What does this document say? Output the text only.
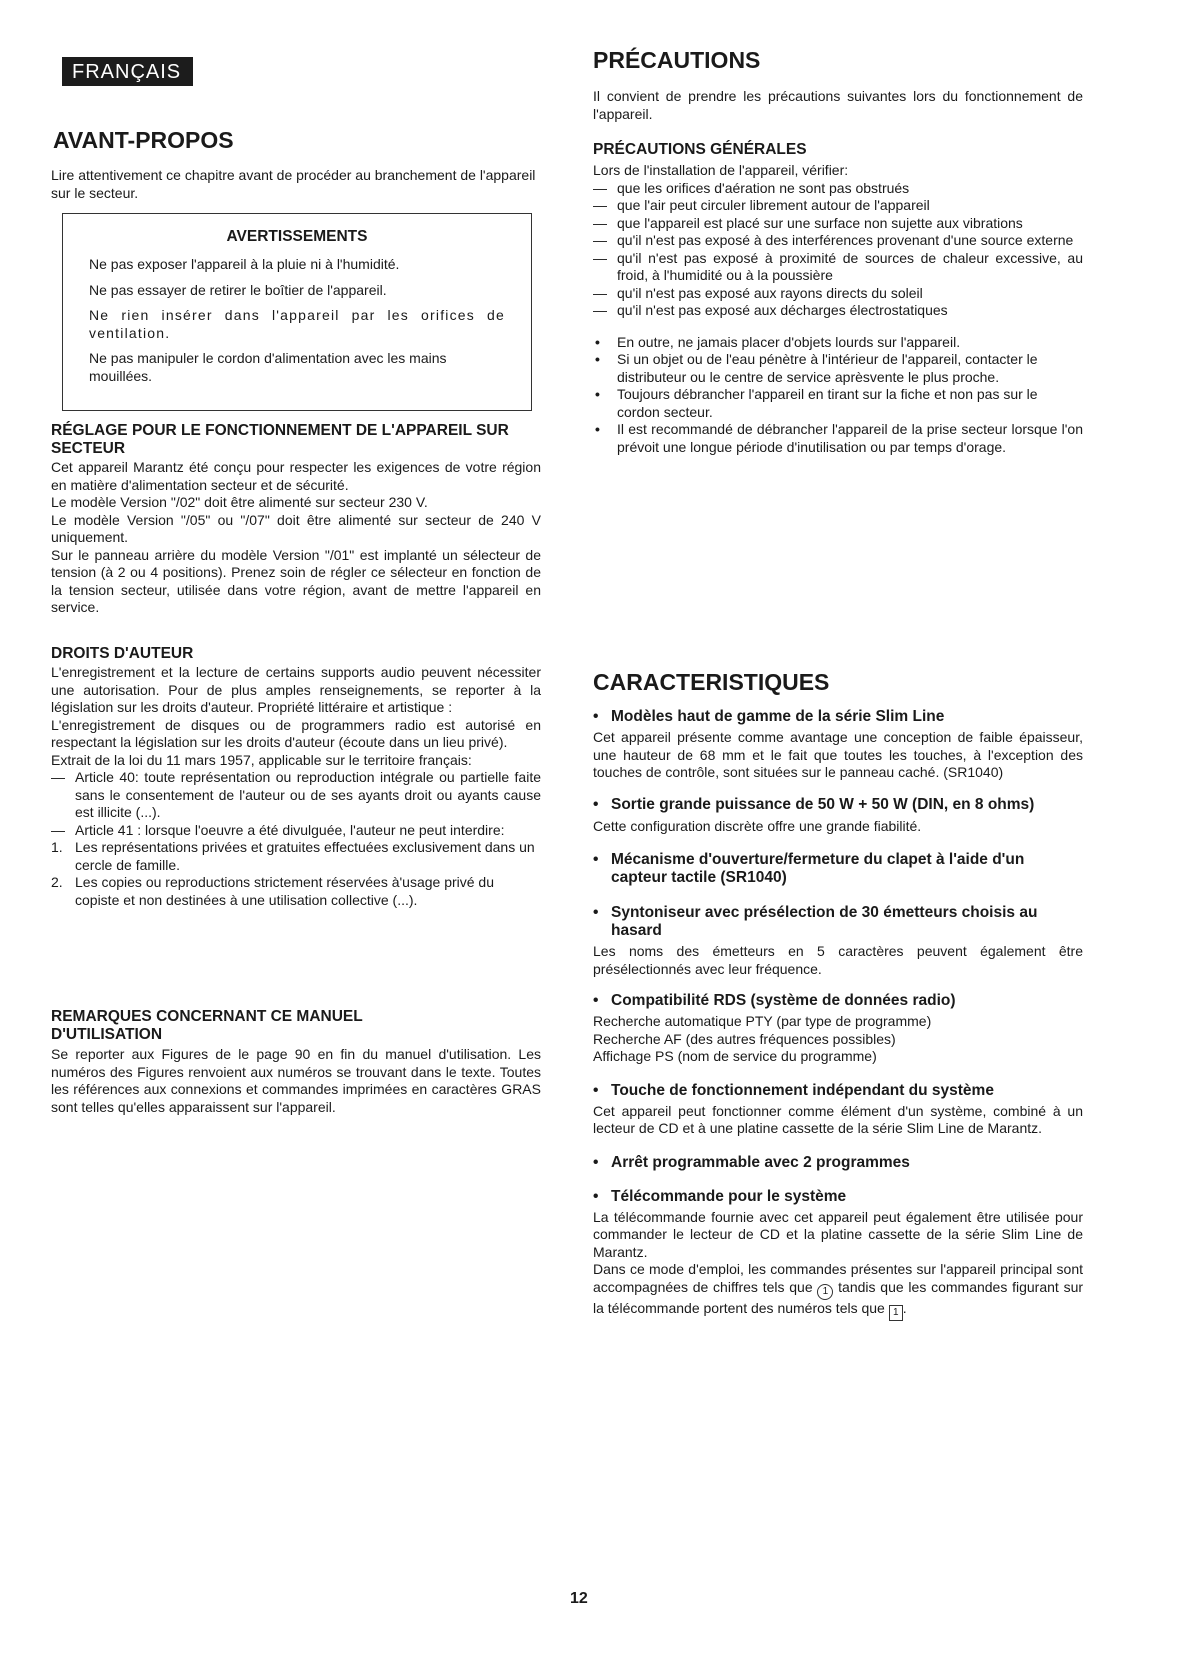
FRANÇAIS
AVANT-PROPOS

Lire attentivement ce chapitre avant de procéder au branchement de l'appareil sur le secteur.

AVERTISSEMENTS

Ne pas exposer l'appareil à la pluie ni à l'humidité.

Ne pas essayer de retirer le boîtier de l'appareil.

Ne rien insérer dans l'appareil par les orifices de ventilation.

Ne pas manipuler le cordon d'alimentation avec les mains mouillées.

RÉGLAGE POUR LE FONCTIONNEMENT DE L'APPAREIL SUR SECTEUR

Cet appareil Marantz été conçu pour respecter les exigences de votre région en matière d'alimentation secteur et de sécurité.

Le modèle Version "/02" doit être alimenté sur secteur 230 V.

Le modèle Version "/05" ou "/07" doit être alimenté sur secteur de 240 V uniquement.

Sur le panneau arrière du modèle Version "/01" est implanté un sélecteur de tension (à 2 ou 4 positions). Prenez soin de régler ce sélecteur en fonction de la tension secteur, utilisée dans votre région, avant de mettre l'appareil en service.

DROITS D'AUTEUR

L'enregistrement et la lecture de certains supports audio peuvent nécessiter une autorisation. Pour de plus amples renseignements, se reporter à la législation sur les droits d'auteur. Propriété littéraire et artistique :

L'enregistrement de disques ou de programmers radio est autorisé en respectant la législation sur les droits d'auteur (écoute dans un lieu privé).

Extrait de la loi du 11 mars 1957, applicable sur le territoire français:

— Article 40: toute représentation ou reproduction intégrale ou partielle faite sans le consentement de l'auteur ou de ses ayants droit ou ayants cause est illicite (...).
— Article 41 : lorsque l'oeuvre a été divulguée, l'auteur ne peut interdire:
1. Les représentations privées et gratuites effectuées exclusivement dans un cercle de famille.
2. Les copies ou reproductions strictement réservées à'usage privé du copiste et non destinées à une utilisation collective (...).
REMARQUES CONCERNANT CE MANUEL D'UTILISATION

Se reporter aux Figures de le page 90 en fin du manuel d'utilisation. Les numéros des Figures renvoient aux numéros se trouvant dans le texte. Toutes les références aux connexions et commandes imprimées en caractères GRAS sont telles qu'elles apparaissent sur l'appareil.

PRÉCAUTIONS

Il convient de prendre les précautions suivantes lors du fonctionnement de l'appareil.

PRÉCAUTIONS GÉNÉRALES

Lors de l'installation de l'appareil, vérifier:

— que les orifices d'aération ne sont pas obstrués
— que l'air peut circuler librement autour de l'appareil
— que l'appareil est placé sur une surface non sujette aux vibrations
— qu'il n'est pas exposé à des interférences provenant d'une source externe
— qu'il n'est pas exposé à proximité de sources de chaleur excessive, au froid, à l'humidité ou à la poussière
— qu'il n'est pas exposé aux rayons directs du soleil
— qu'il n'est pas exposé aux décharges électrostatiques
• En outre, ne jamais placer d'objets lourds sur l'appareil.
• Si un objet ou de l'eau pénètre à l'intérieur de l'appareil, contacter le distributeur ou le centre de service aprèsvente le plus proche.
• Toujours débrancher l'appareil en tirant sur la fiche et non pas sur le cordon secteur.
• Il est recommandé de débrancher l'appareil de la prise secteur lorsque l'on prévoit une longue période d'inutilisation ou par temps d'orage.
CARACTERISTIQUES
• Modèles haut de gamme de la série Slim Line

Cet appareil présente comme avantage une conception de faible épaisseur, une hauteur de 68 mm et le fait que toutes les touches, à l'exception des touches de contrôle, sont situées sur le panneau caché. (SR1040)

• Sortie grande puissance de 50 W + 50 W (DIN, en 8 ohms)

Cette configuration discrète offre une grande fiabilité.

• Mécanisme d'ouverture/fermeture du clapet à l'aide d'un capteur tactile (SR1040)
• Syntoniseur avec présélection de 30 émetteurs choisis au hasard

Les noms des émetteurs en 5 caractères peuvent également être présélectionnés avec leur fréquence.

• Compatibilité RDS (système de données radio)

Recherche automatique PTY (par type de programme)

Recherche AF (des autres fréquences possibles)

Affichage PS (nom de service du programme)

• Touche de fonctionnement indépendant du système

Cet appareil peut fonctionner comme élément d'un système, combiné à un lecteur de CD et à une platine cassette de la série Slim Line de Marantz.

• Arrêt programmable avec 2 programmes
• Télécommande pour le système

La télécommande fournie avec cet appareil peut également être utilisée pour commander le lecteur de CD et la platine cassette de la série Slim Line de Marantz.

Dans ce mode d'emploi, les commandes présentes sur l'appareil principal sont accompagnées de chiffres tels que 1 tandis que les commandes figurant sur la télécommande portent des numéros tels que 1 .

12
